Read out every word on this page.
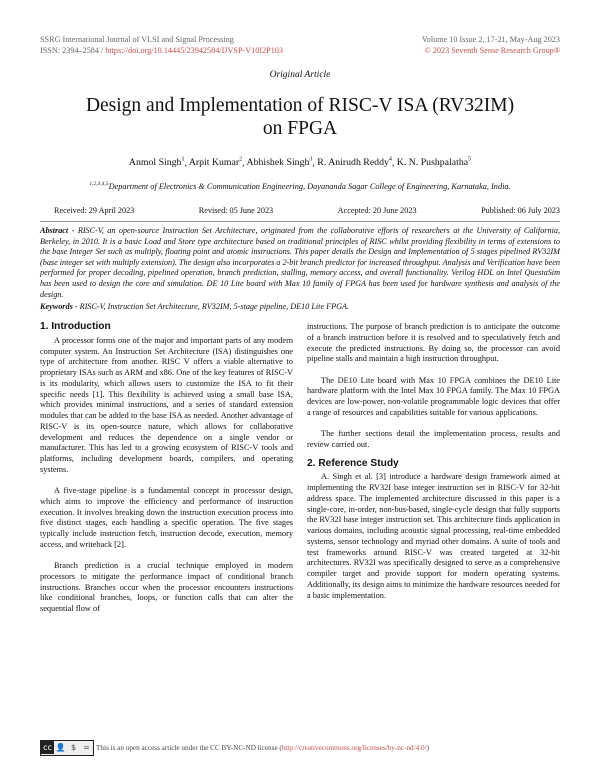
SSRG International Journal of VLSI and Signal Processing
ISSN: 2394–2584 / https://doi.org/10.14445/23942584/IJVSP-V10I2P103
Volume 10 Issue 2, 17-21, May-Aug 2023
© 2023 Seventh Sense Research Group®
Original Article
Design and Implementation of RISC-V ISA (RV32IM)
on FPGA
Anmol Singh$^1$, Arpit Kumar$^2$, Abhishek Singh$^3$, R. Anirudh Reddy$^4$, K. N. Pushpalatha$^5$
$^{1,2,3,4,5}$Department of Electronics & Communication Engineering, Dayananda Sagar College of Engineering, Karnataka, India.
Received: 29 April 2023	Revised: 05 June 2023	Accepted: 20 June 2023	Published: 06 July 2023
Abstract - RISC-V, an open-source Instruction Set Architecture, originated from the collaborative efforts of researchers at the University of California, Berkeley, in 2010. It is a basic Load and Store type architecture based on traditional principles of RISC whilst providing flexibility in terms of extensions to the base Integer Set such as multiply, floating point and atomic instructions. This paper details the Design and Implementation of 5 stages pipelined RV32IM (base integer set with multiply extension). The design also incorporates a 2-bit branch predictor for increased throughput. Analysis and Verification have been performed for proper decoding, pipelined operation, branch prediction, stalling, memory access, and overall functionality. Verilog HDL on Intel QuestaSim has been used to design the core and simulation. DE 10 Lite board with Max 10 family of FPGA has been used for hardware synthesis and analysis of the design.
Keywords - RISC-V, Instruction Set Architecture, RV32IM, 5-stage pipeline, DE10 Lite FPGA.
1. Introduction

A processor forms one of the major and important parts of any modern computer system. An Instruction Set Architecture (ISA) distinguishes one type of architecture from another. RISC V offers a viable alternative to proprietary ISAs such as ARM and x86. One of the key features of RISC-V is its modularity, which allows users to customize the ISA to fit their specific needs [1]. This flexibility is achieved using a small base ISA, which provides minimal instructions, and a series of standard extension modules that can be added to the base ISA as needed. Another advantage of RISC-V is its open-source nature, which allows for collaborative development and reduces the dependence on a single vendor or manufacturer. This has led to a growing ecosystem of RISC-V tools and platforms, including development boards, compilers, and operating systems.

A five-stage pipeline is a fundamental concept in processor design, which aims to improve the efficiency and performance of instruction execution. It involves breaking down the instruction execution process into five distinct stages, each handling a specific operation. The five stages typically include instruction fetch, instruction decode, execution, memory access, and writeback [2].

Branch prediction is a crucial technique employed in modern processors to mitigate the performance impact of conditional branch instructions. Branches occur when the processor encounters instructions like conditional branches, loops, or function calls that can alter the sequential flow of

instructions. The purpose of branch prediction is to anticipate the outcome of a branch instruction before it is resolved and to speculatively fetch and execute the predicted instructions. By doing so, the processor can avoid pipeline stalls and maintain a high instruction throughput.

The DE10 Lite board with Max 10 FPGA combines the DE10 Lite hardware platform with the Intel Max 10 FPGA family. The Max 10 FPGA devices are low-power, non-volatile programmable logic devices that offer a range of resources and capabilities suitable for various applications.

The further sections detail the implementation process, results and review carried out.

2. Reference Study

A. Singh et al. [3] introduce a hardware design framework aimed at implementing the RV32I base integer instruction set in RISC-V for 32-bit address space. The implemented architecture discussed in this paper is a single-core, in-order, non-bus-based, single-cycle design that fully supports the RV32I base integer instruction set. This architecture finds application in various domains, including acoustic signal processing, real-time embedded systems, sensor technology and myriad other domains. A suite of tools and test frameworks around RISC-V was created targeted at 32-bit architectures. RV32I was specifically designed to serve as a comprehensive compiler target and provide support for modern operating systems. Additionally, its design aims to minimize the hardware resources needed for a basic implementation.

cc 👤 $ = This is an open access article under the CC BY-NC-ND license (http://creativecommons.org/licenses/by-nc-nd/4.0/)
